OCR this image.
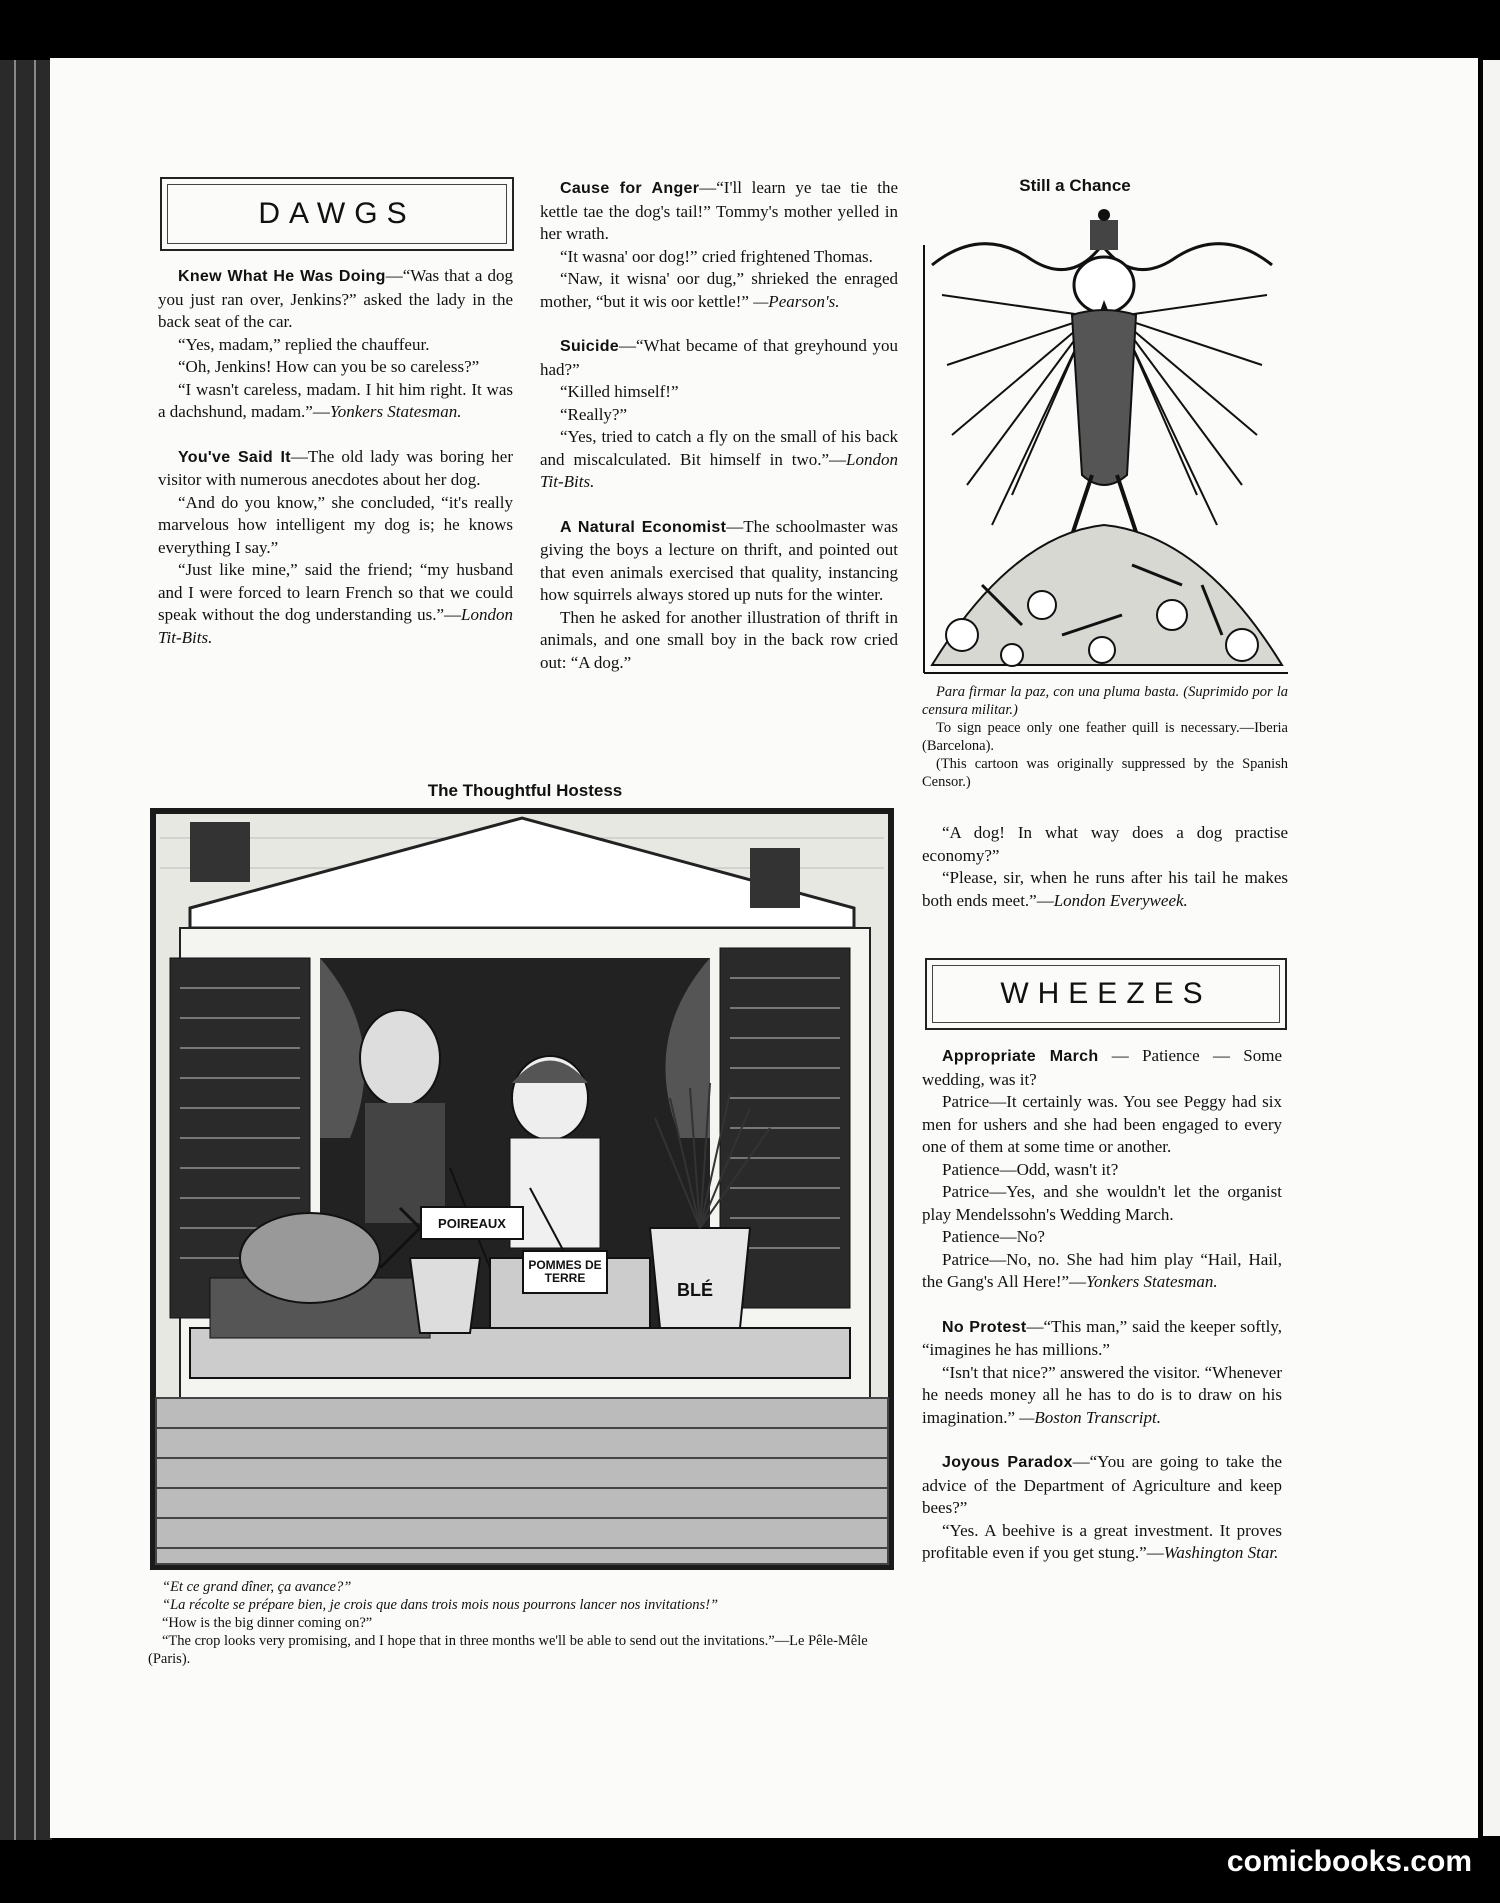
DAWGS

Knew What He Was Doing—“Was that a dog you just ran over, Jenkins?” asked the lady in the back seat of the car.

“Yes, madam,” replied the chauffeur.

“Oh, Jenkins! How can you be so careless?”

“I wasn't careless, madam. I hit him right. It was a dachshund, madam.”—Yonkers Statesman.

You've Said It—The old lady was boring her visitor with numerous anecdotes about her dog.

“And do you know,” she concluded, “it's really marvelous how intelligent my dog is; he knows everything I say.”

“Just like mine,” said the friend; “my husband and I were forced to learn French so that we could speak without the dog understanding us.”—London Tit-Bits.

Cause for Anger—“I'll learn ye tae tie the kettle tae the dog's tail!” Tommy's mother yelled in her wrath.

“It wasna' oor dog!” cried frightened Thomas.

“Naw, it wisna' oor dug,” shrieked the enraged mother, “but it wis oor kettle!” —Pearson's.

Suicide—“What became of that greyhound you had?”

“Killed himself!”

“Really?”

“Yes, tried to catch a fly on the small of his back and miscalculated. Bit himself in two.”—London Tit-Bits.

A Natural Economist—The schoolmaster was giving the boys a lecture on thrift, and pointed out that even animals exercised that quality, instancing how squirrels always stored up nuts for the winter.

Then he asked for another illustration of thrift in animals, and one small boy in the back row cried out: “A dog.”

The Thoughtful Hostess
POIREAUX
POMMES DE TERRE
BLÉ

“Et ce grand dîner, ça avance?”

“La récolte se prépare bien, je crois que dans trois mois nous pourrons lancer nos invitations!”

“How is the big dinner coming on?”

“The crop looks very promising, and I hope that in three months we'll be able to send out the invitations.”—Le Pêle-Mêle (Paris).

Still a Chance

Para firmar la paz, con una pluma basta. (Suprimido por la censura militar.)

To sign peace only one feather quill is necessary.—Iberia (Barcelona).

(This cartoon was originally suppressed by the Spanish Censor.)

“A dog! In what way does a dog practise economy?”

“Please, sir, when he runs after his tail he makes both ends meet.”—London Everyweek.

WHEEZES

Appropriate March — Patience — Some wedding, was it?

Patrice—It certainly was. You see Peggy had six men for ushers and she had been engaged to every one of them at some time or another.

Patience—Odd, wasn't it?

Patrice—Yes, and she wouldn't let the organist play Mendelssohn's Wedding March.

Patience—No?

Patrice—No, no. She had him play “Hail, Hail, the Gang's All Here!”—Yonkers Statesman.

No Protest—“This man,” said the keeper softly, “imagines he has millions.”

“Isn't that nice?” answered the visitor. “Whenever he needs money all he has to do is to draw on his imagination.” —Boston Transcript.

Joyous Paradox—“You are going to take the advice of the Department of Agriculture and keep bees?”

“Yes. A beehive is a great investment. It proves profitable even if you get stung.”—Washington Star.

comicbooks.com
